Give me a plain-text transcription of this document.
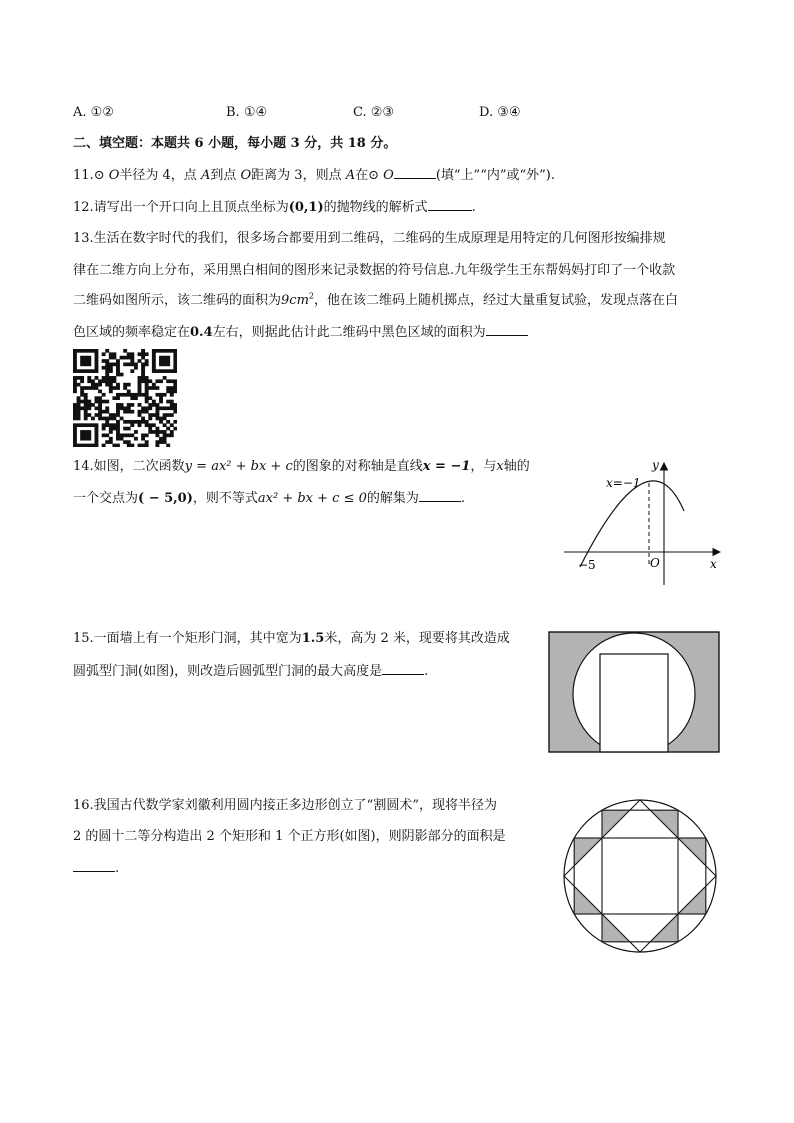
A. ①②	B. ①④	C. ②③	D. ③④
二、填空题：本题共 6 小题，每小题 3 分，共 18 分。
11.⊙ O半径为 4，点 A到点 O距离为 3，则点 A在⊙ O	(填“上”“内”或“外”).
12.请写出一个开口向上且顶点坐标为(0,1)的抛物线的解析式	.
13.生活在数字时代的我们，很多场合都要用到二维码，二维码的生成原理是用特定的几何图形按编排规
律在二维方向上分布，采用黑白相间的图形来记录数据的符号信息.九年级学生王东帮妈妈打印了一个收款
二维码如图所示，该二维码的面积为$9cm^2$，他在该二维码上随机掷点，经过大量重复试验，发现点落在白
色区域的频率稳定在0.4左右，则据此估计此二维码中黑色区域的面积为
14.如图，二次函数y = ax² + bx + c的图象的对称轴是直线x = −1，与x轴的
一个交点为( − 5,0)，则不等式ax² + bx + c ≤ 0的解集为	.
y
x
O
−5
x=−1
15.一面墙上有一个矩形门洞，其中宽为1.5米，高为 2 米，现要将其改造成
圆弧型门洞(如图)，则改造后圆弧型门洞的最大高度是	.
16.我国古代数学家刘徽利用圆内接正多边形创立了“割圆术”，现将半径为
2 的圆十二等分构造出 2 个矩形和 1 个正方形(如图)，则阴影部分的面积是
.
